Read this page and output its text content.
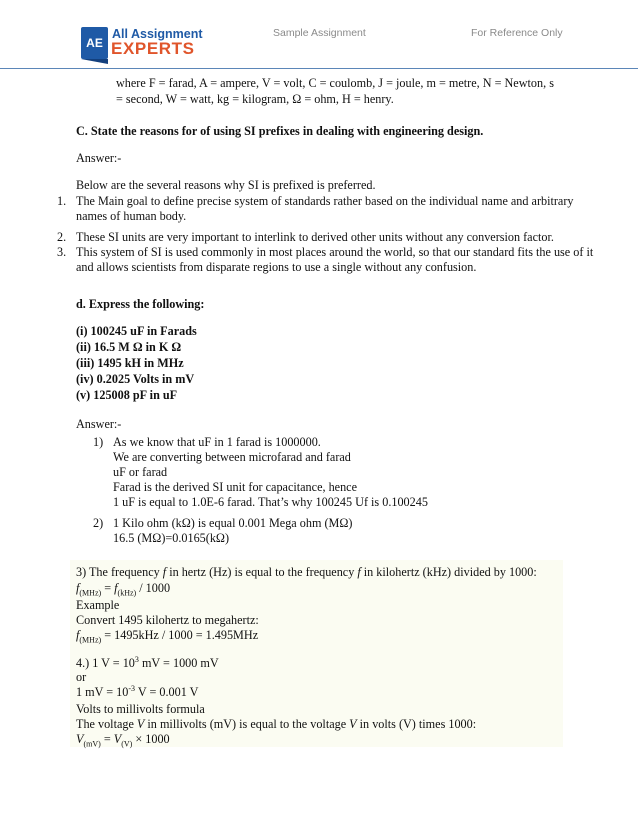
AE
All Assignment
EXPERTS
Sample Assignment	For Reference Only
where F = farad, A = ampere, V = volt, C = coulomb, J = joule, m = metre, N = Newton, s
= second, W = watt, kg = kilogram, Ω = ohm, H = henry.
C. State the reasons for of using SI prefixes in dealing with engineering design.
Answer:-
Below are the several reasons why SI is prefixed is preferred.
1. The Main goal to define precise system of standards rather based on the individual name and arbitrary
names of human body.
2. These SI units are very important to interlink to derived other units without any conversion factor.
3. This system of SI is used commonly in most places around the world, so that our standard fits the use of it
and allows scientists from disparate regions to use a single without any confusion.
d. Express the following:
(i) 100245 uF in Farads
(ii) 16.5 M Ω in K Ω
(iii) 1495 kH in MHz
(iv) 0.2025 Volts in mV
(v) 125008 pF in uF
Answer:-
1) As we know that uF in 1 farad is 1000000.
We are converting between microfarad and farad
uF or farad
Farad is the derived SI unit for capacitance, hence
1 uF is equal to 1.0E-6 farad. That’s why 100245 Uf is 0.100245
2) 1 Kilo ohm (kΩ) is equal 0.001 Mega ohm (MΩ)
16.5 (MΩ)=0.0165(kΩ)
3) The frequency f in hertz (Hz) is equal to the frequency f in kilohertz (kHz) divided by 1000:
$f_{(MHz)} = f_{(kHz)} / 1000$
Example
Convert 1495 kilohertz to megahertz:
$f_{(MHz)} = 1495kHz / 1000 = 1.495MHz$
4.) 1 $V = 10^3$ mV = 1000 mV
or
1 mV = $10^{-3}$ V = 0.001 V
Volts to millivolts formula
The voltage V in millivolts (mV) is equal to the voltage V in volts (V) times 1000:
$V_{(mV)} = V_{(V)} \times 1000$
